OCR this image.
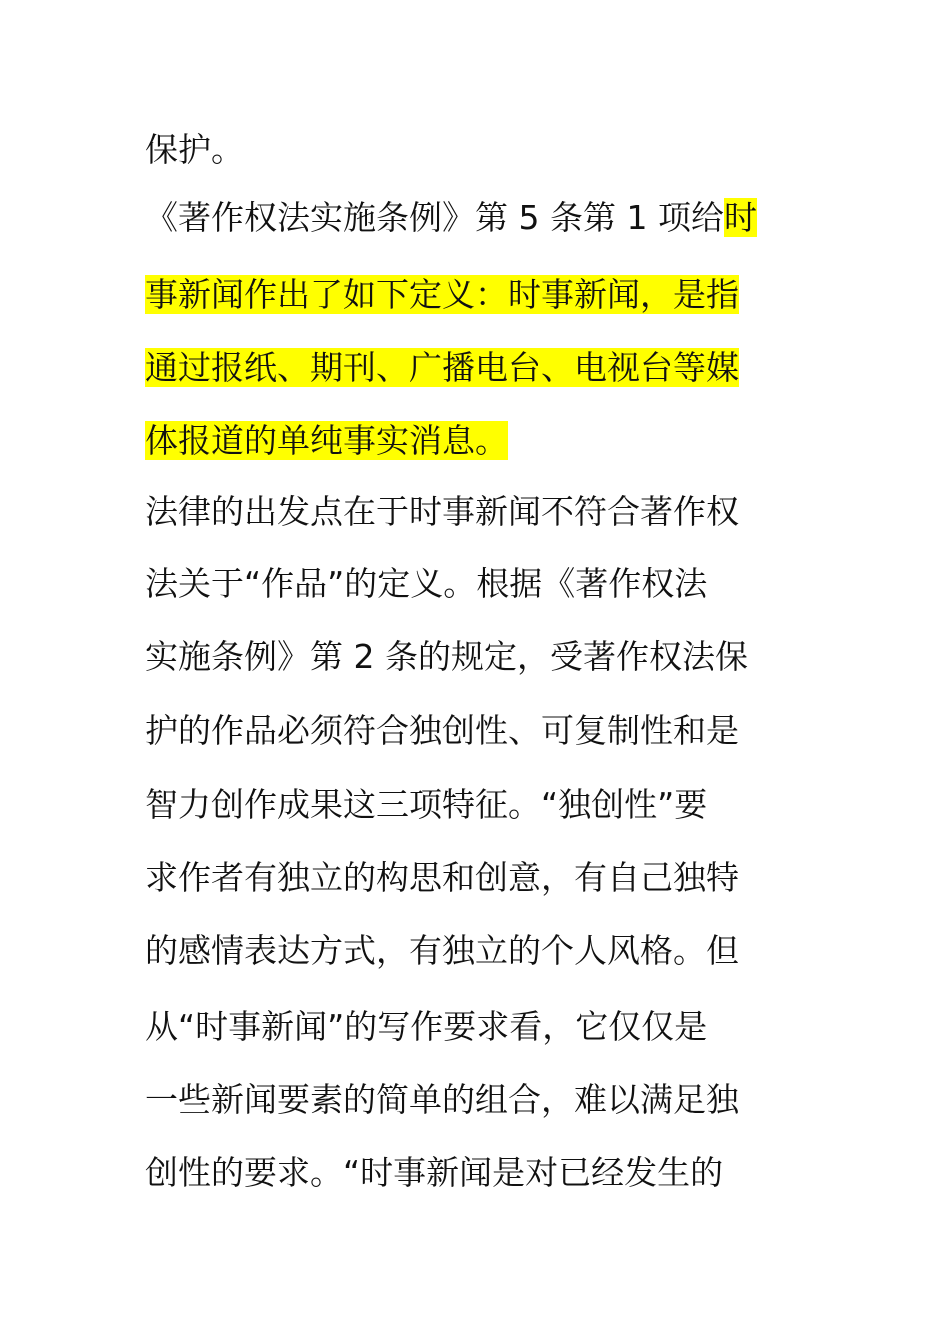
保护。
《著作权法实施条例》第 5 条第 1 项给时
事新闻作出了如下定义：时事新闻，是指
通过报纸、期刊、广播电台、电视台等媒
体报道的单纯事实消息。
法律的出发点在于时事新闻不符合著作权
法关于“作品”的定义。根据《著作权法
实施条例》第 2 条的规定，受著作权法保
护的作品必须符合独创性、可复制性和是
智力创作成果这三项特征。“独创性”要
求作者有独立的构思和创意，有自己独特
的感情表达方式，有独立的个人风格。但
从“时事新闻”的写作要求看，它仅仅是
一些新闻要素的简单的组合，难以满足独
创性的要求。“时事新闻是对已经发生的
